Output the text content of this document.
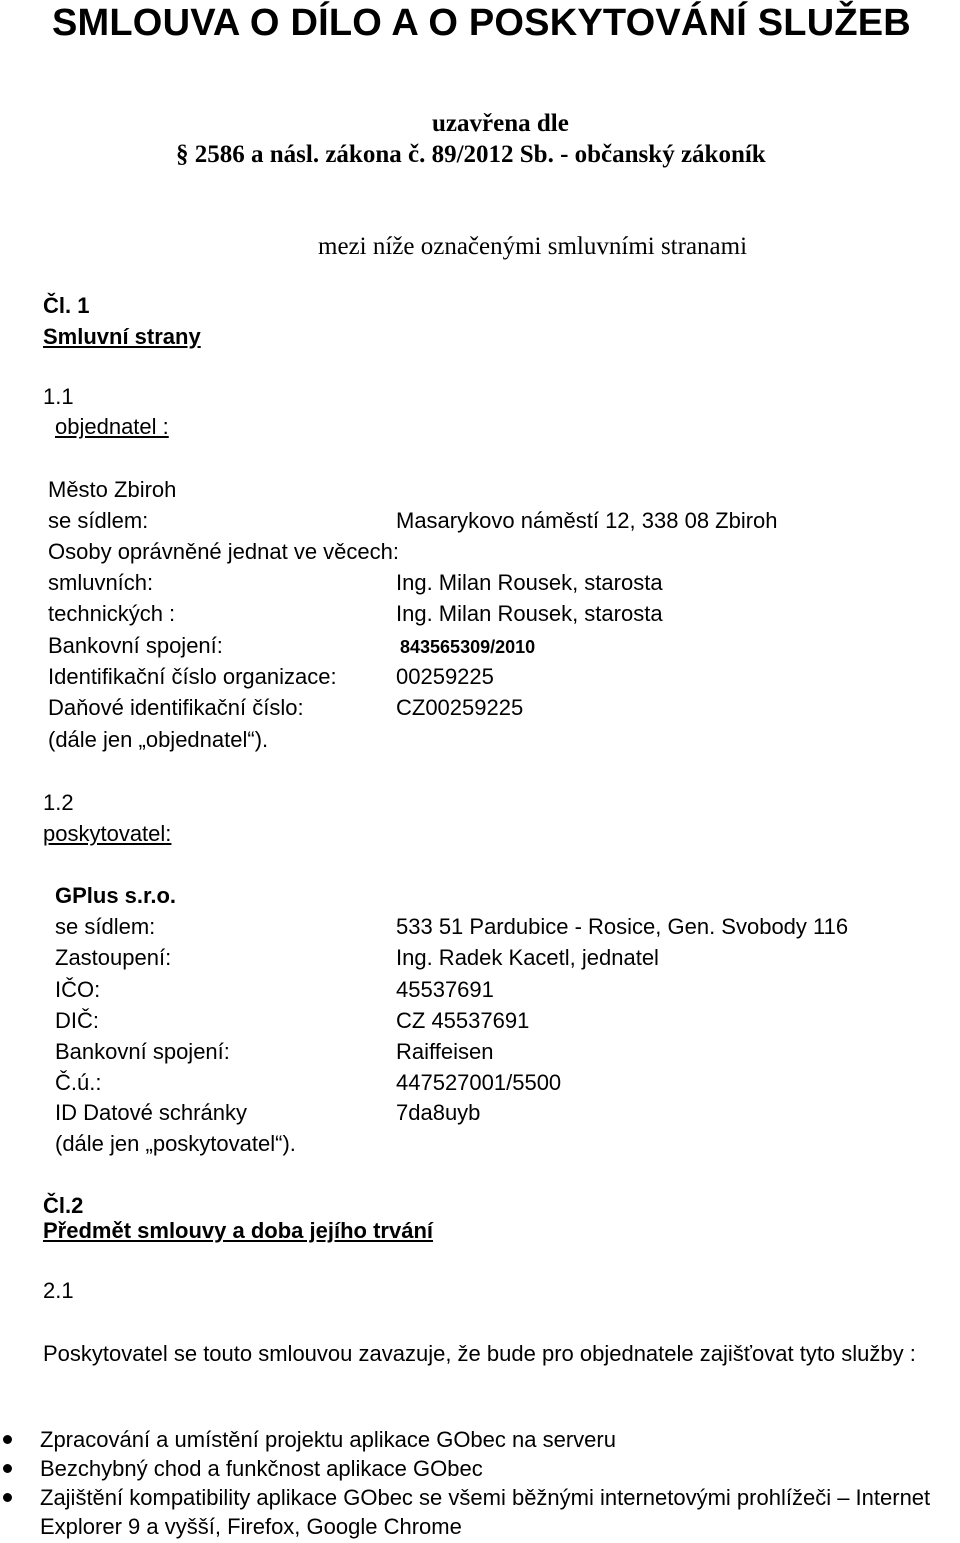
SMLOUVA O DÍLO A O POSKYTOVÁNÍ SLUŽEB
uzavřena dle
§ 2586 a násl. zákona č. 89/2012 Sb. - občanský zákoník
mezi níže označenými smluvními stranami
Čl. 1
Smluvní strany
1.1
objednatel :
Město Zbiroh
se sídlem:	Masarykovo náměstí 12, 338 08 Zbiroh
Osoby oprávněné jednat ve věcech:
smluvních:	Ing. Milan Rousek, starosta
technických :	Ing. Milan Rousek, starosta
Bankovní spojení:	843565309/2010
Identifikační číslo organizace:	00259225
Daňové identifikační číslo:	CZ00259225
(dále jen „objednatel“).
1.2
poskytovatel:
GPlus s.r.o.
se sídlem:	533 51 Pardubice - Rosice, Gen. Svobody 116
Zastoupení:	Ing. Radek Kacetl, jednatel
IČO:	45537691
DIČ:	CZ 45537691
Bankovní spojení:	Raiffeisen
Č.ú.:	447527001/5500
ID Datové schránky	7da8uyb
(dále jen „poskytovatel“).
Čl.2
Předmět smlouvy a doba jejího trvání
2.1
Poskytovatel se touto smlouvou zavazuje, že bude pro objednatele zajišťovat tyto služby :
Zpracování a umístění projektu aplikace GObec na serveru
Bezchybný chod a funkčnost aplikace GObec
Zajištění kompatibility aplikace GObec se všemi běžnými internetovými prohlížeči – Internet Explorer 9 a vyšší, Firefox, Google Chrome
